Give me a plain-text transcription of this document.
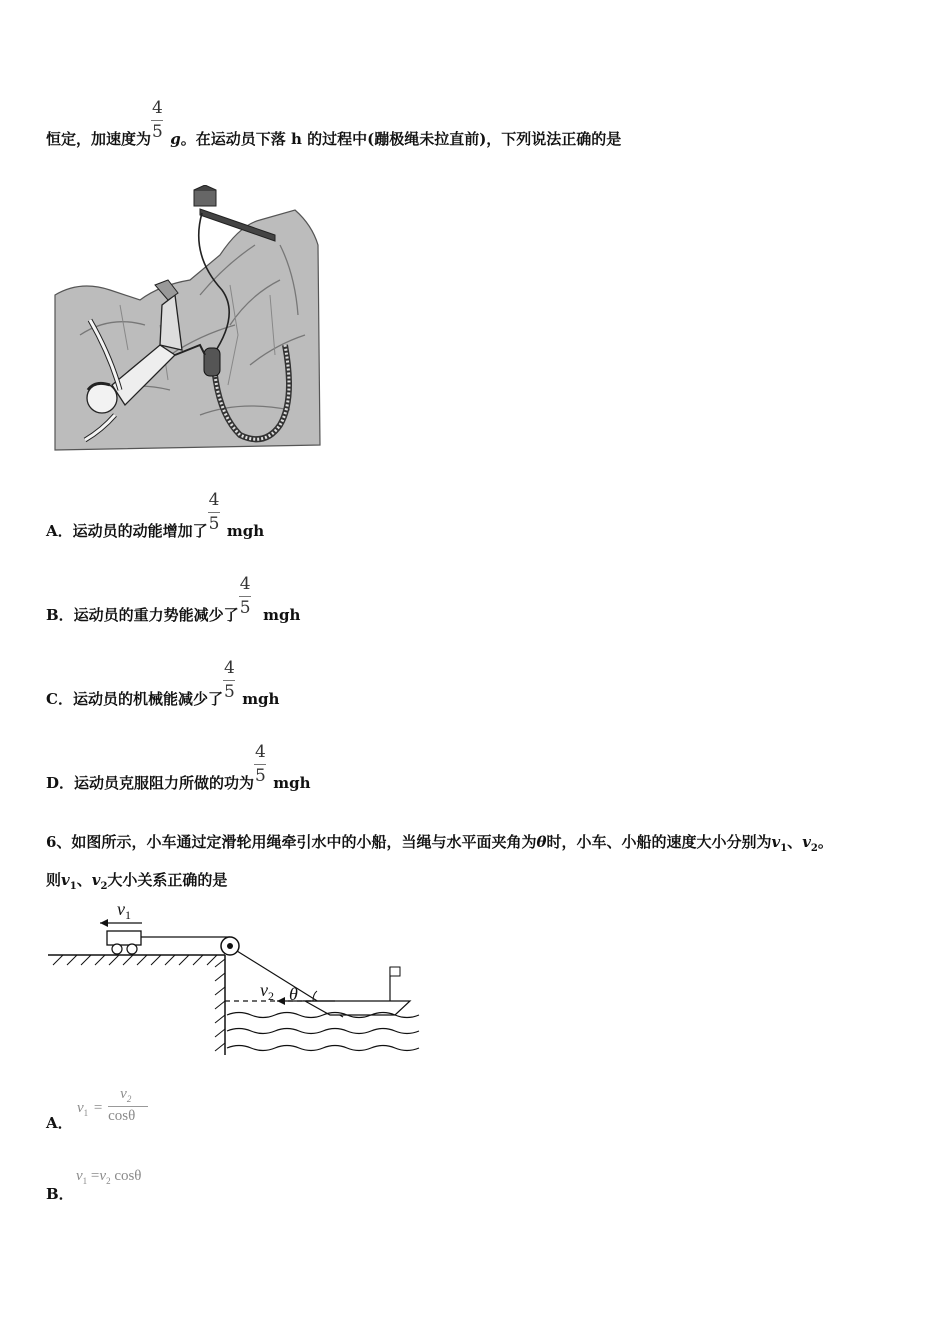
恒定，加速度为 $\frac{4}{5}$ g。在运动员下落 h 的过程中(蹦极绳未拉直前)，下列说法正确的是
A．运动员的动能增加了 $\frac{4}{5}$ mgh
B．运动员的重力势能减少了 $\frac{4}{5}$ mgh
C．运动员的机械能减少了 $\frac{4}{5}$ mgh
D．运动员克服阻力所做的功为 $\frac{4}{5}$ mgh
6、如图所示，小车通过定滑轮用绳牵引水中的小船，当绳与水平面夹角为θ时，小车、小船的速度大小分别为$v_1$、$v_2$。
则$v_1$、$v_2$大小关系正确的是
$v_1$
$v_2$ θ
A．
$v_1 = \frac{v_2}{\cos\theta}$
B．
$v_1 =v_2$ cosθ
